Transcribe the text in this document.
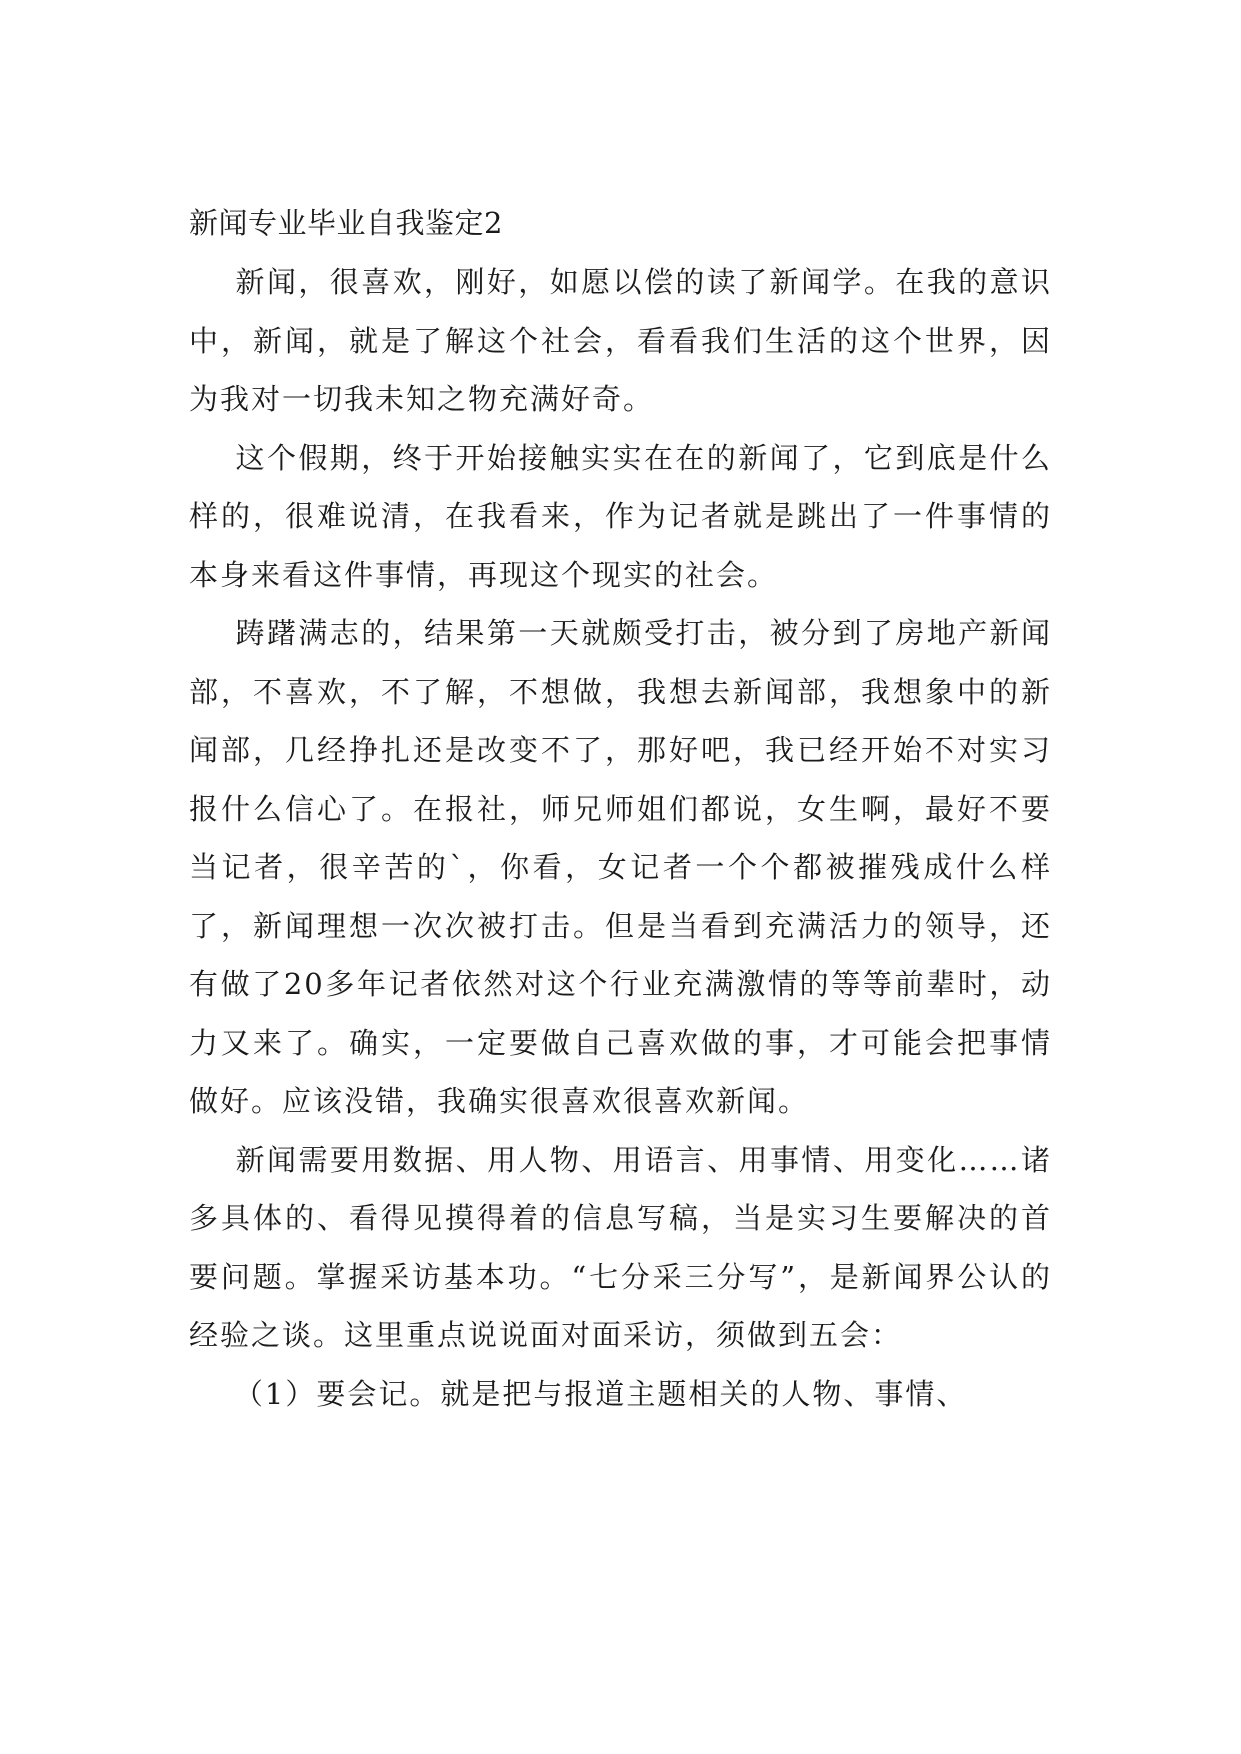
新闻专业毕业自我鉴定2

新闻，很喜欢，刚好，如愿以偿的读了新闻学。在我的意识中，新闻，就是了解这个社会，看看我们生活的这个世界，因为我对一切我未知之物充满好奇。

这个假期，终于开始接触实实在在的新闻了，它到底是什么样的，很难说清，在我看来，作为记者就是跳出了一件事情的本身来看这件事情，再现这个现实的社会。

踌躇满志的，结果第一天就颇受打击，被分到了房地产新闻部，不喜欢，不了解，不想做，我想去新闻部，我想象中的新闻部，几经挣扎还是改变不了，那好吧，我已经开始不对实习报什么信心了。在报社，师兄师姐们都说，女生啊，最好不要当记者，很辛苦的`，你看，女记者一个个都被摧残成什么样了，新闻理想一次次被打击。但是当看到充满活力的领导，还有做了20多年记者依然对这个行业充满激情的等等前辈时，动力又来了。确实，一定要做自己喜欢做的事，才可能会把事情做好。应该没错，我确实很喜欢很喜欢新闻。

新闻需要用数据、用人物、用语言、用事情、用变化……诸多具体的、看得见摸得着的信息写稿，当是实习生要解决的首要问题。掌握采访基本功。“七分采三分写”，是新闻界公认的经验之谈。这里重点说说面对面采访，须做到五会：

（1）要会记。就是把与报道主题相关的人物、事情、
